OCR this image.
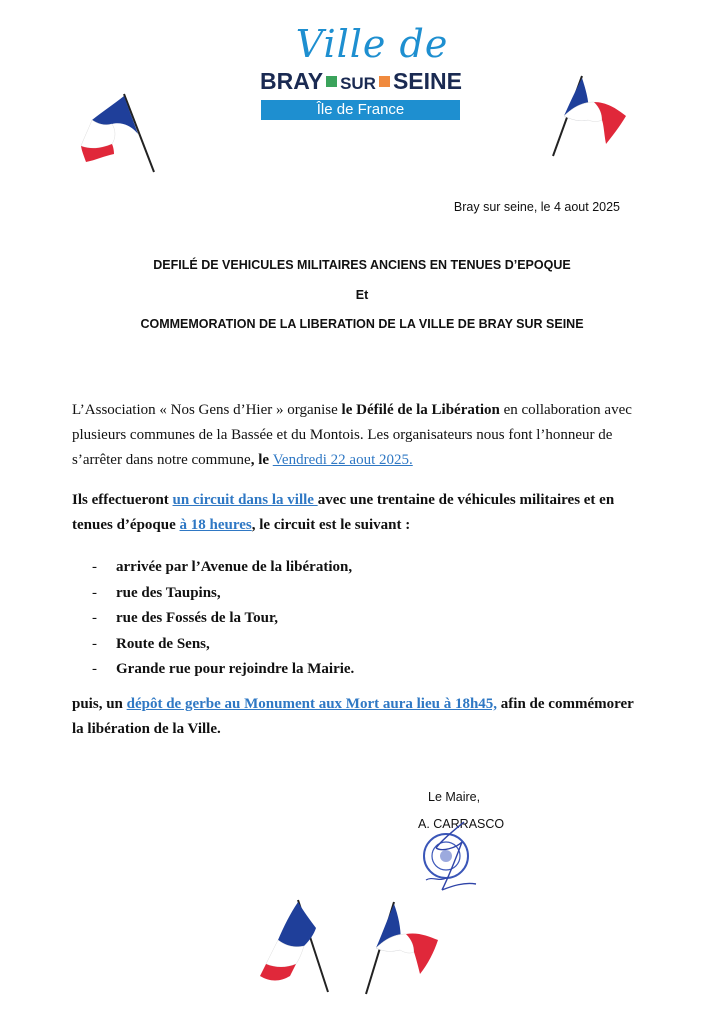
Ville de
BRAY SUR SEINE
Île de France
Bray sur seine, le 4 aout 2025
DEFILÉ DE VEHICULES MILITAIRES ANCIENS EN TENUES D’EPOQUE
Et
COMMEMORATION DE LA LIBERATION DE LA VILLE DE BRAY SUR SEINE

L’Association « Nos Gens d’Hier » organise le Défilé de la Libération en collaboration avec plusieurs communes de la Bassée et du Montois. Les organisateurs nous font l’honneur de s’arrêter dans notre commune, le Vendredi 22 aout 2025.

Ils effectueront un circuit dans la ville avec une trentaine de véhicules militaires et en tenues d’époque à 18 heures, le circuit est le suivant :

- arrivée par l’Avenue de la libération,
- rue des Taupins,
- rue des Fossés de la Tour,
- Route de Sens,
- Grande rue pour rejoindre la Mairie.

puis, un dépôt de gerbe au Monument aux Mort aura lieu à 18h45, afin de commémorer la libération de la Ville.

Le Maire,
A. CARRASCO
